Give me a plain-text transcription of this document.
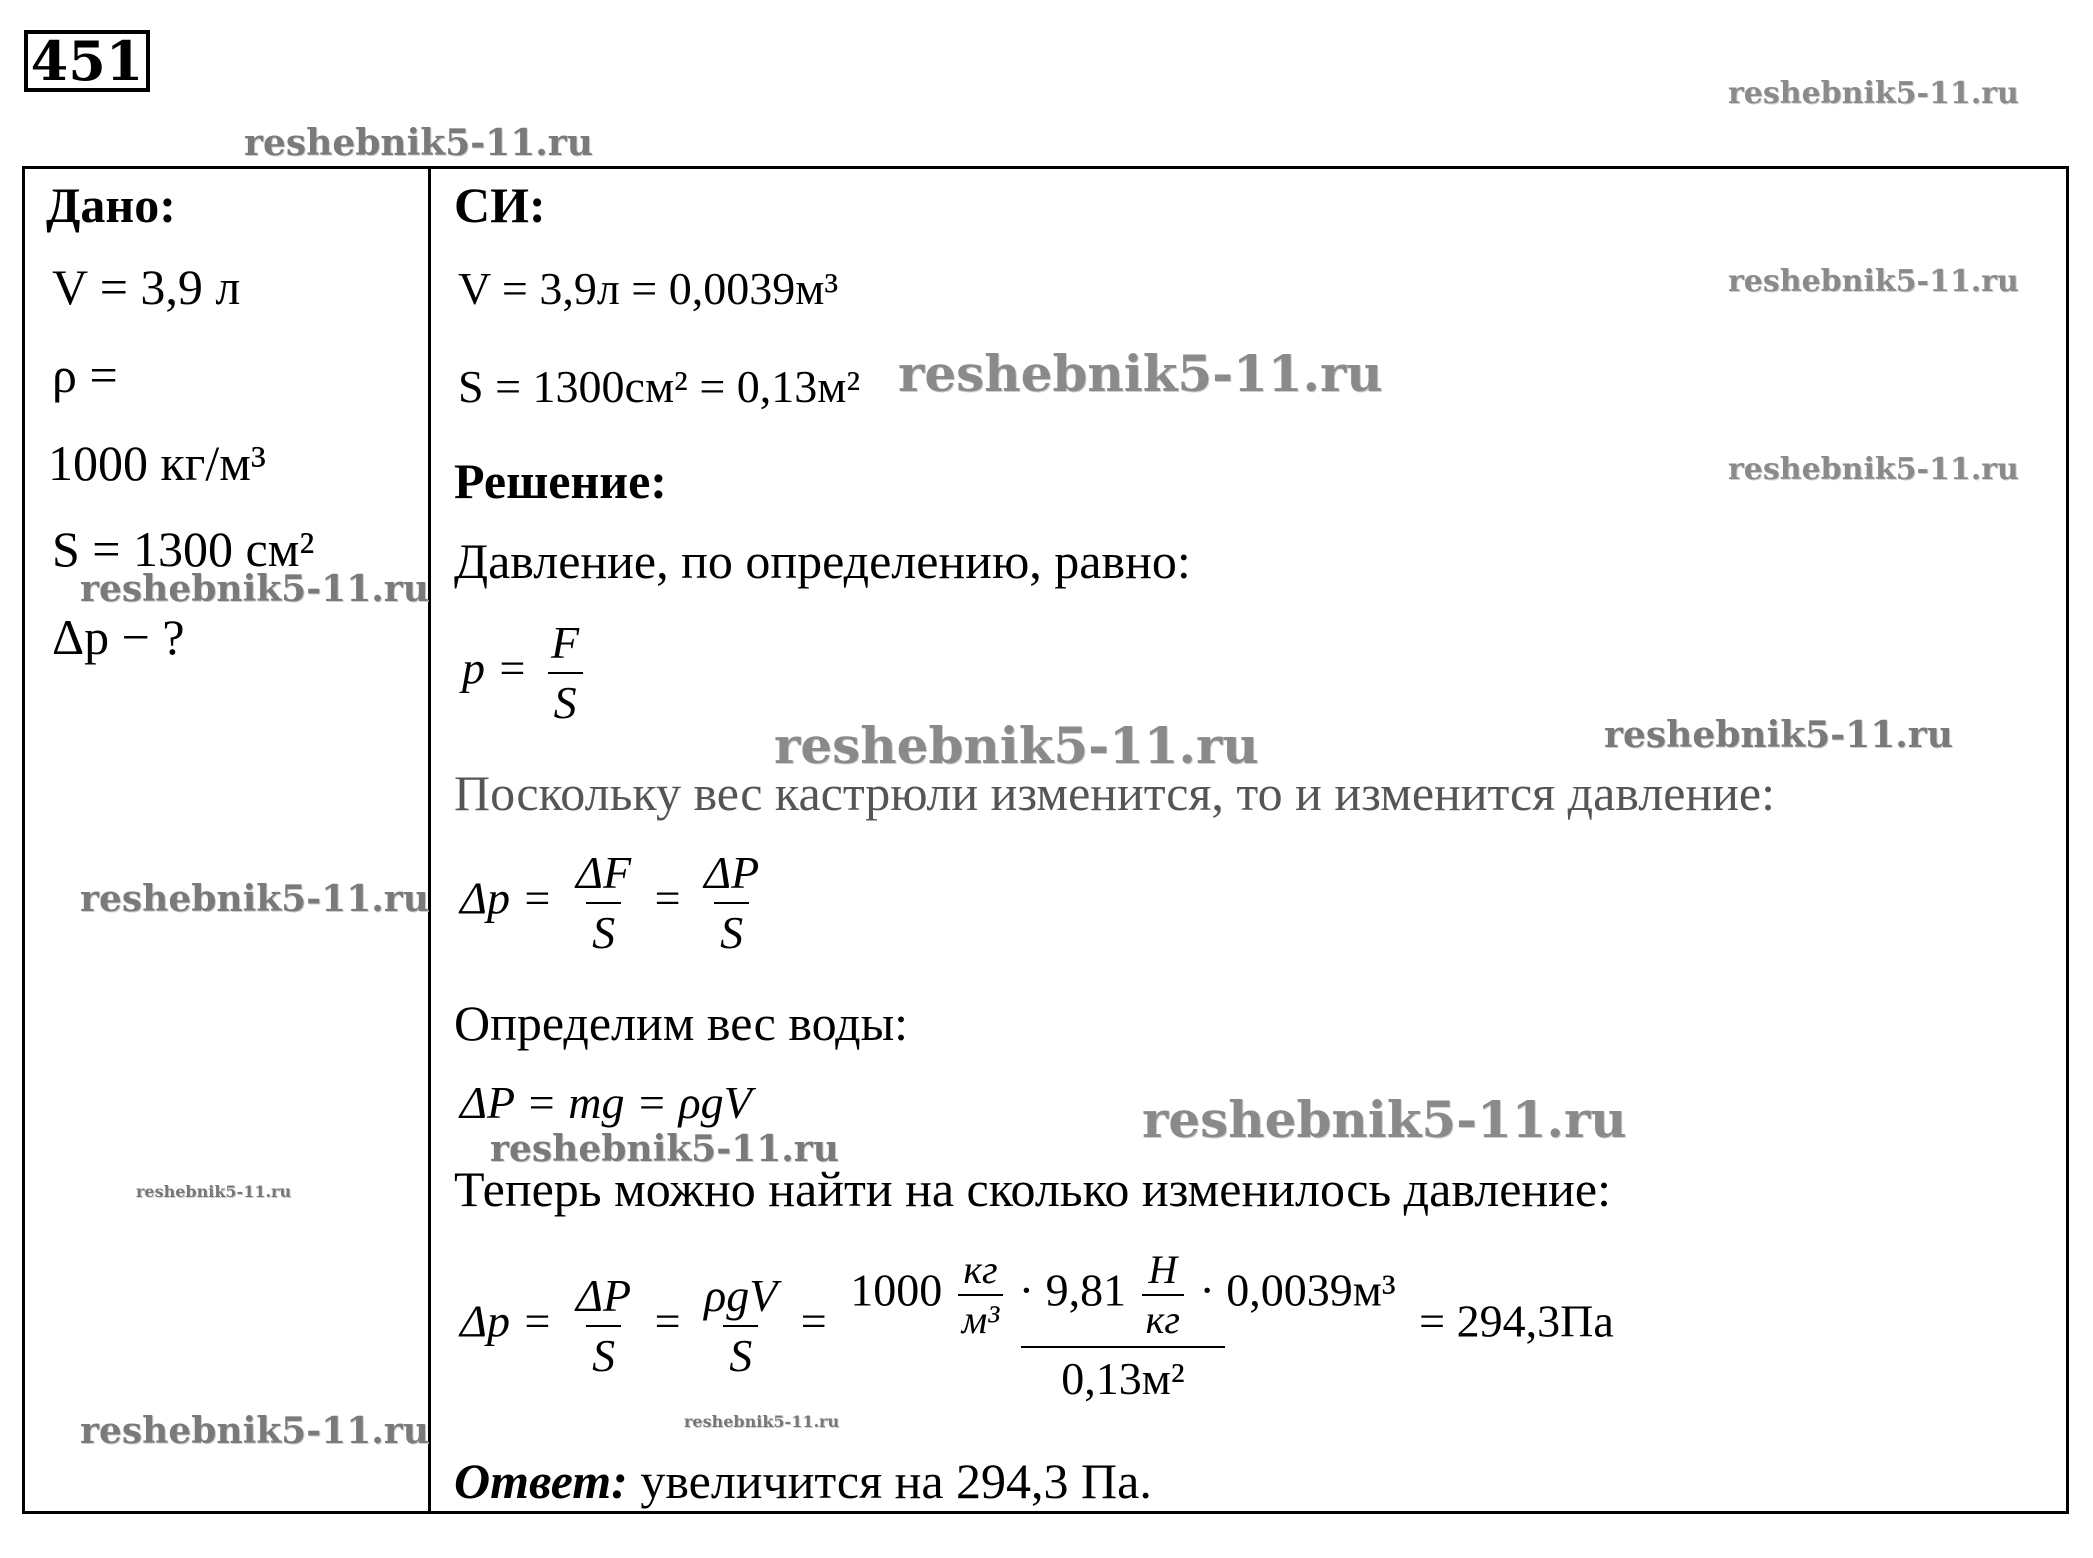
451
Дано:
V = 3,9 л
ρ =
1000 кг/м³
S = 1300 см²
Δp − ?
СИ:
V = 3,9л = 0,0039м³
S = 1300см² = 0,13м²
Решение:
Давление, по определению, равно:
$p = \frac{F}{S}$
Поскольку вес кастрюли изменится, то и изменится давление:
$\Delta p = \frac{\Delta F}{S} = \frac{\Delta P}{S}$
Определим вес воды:
ΔP = mg = ρgV
Теперь можно найти на сколько изменилось давление:
$\Delta p = \frac{\Delta P}{S} = \frac{\text{ρgV}}{S}$ =
$1000 \frac{кг}{\text{м³}} \cdot 9,81 \frac{Н}{кг} \cdot 0,0039м^3$
0,13м²
= 294,3Па
Ответ: увеличится на 294,3 Па.
reshebnik5-11.ru
reshebnik5-11.ru
reshebnik5-11.ru
reshebnik5-11.ru
reshebnik5-11.ru
reshebnik5-11.ru
reshebnik5-11.ru	reshebnik5-11.ru
reshebnik5-11.ru
reshebnik5-11.ru
reshebnik5-11.ru
reshebnik5-11.ru
reshebnik5-11.ru	reshebnik5-11.ru
